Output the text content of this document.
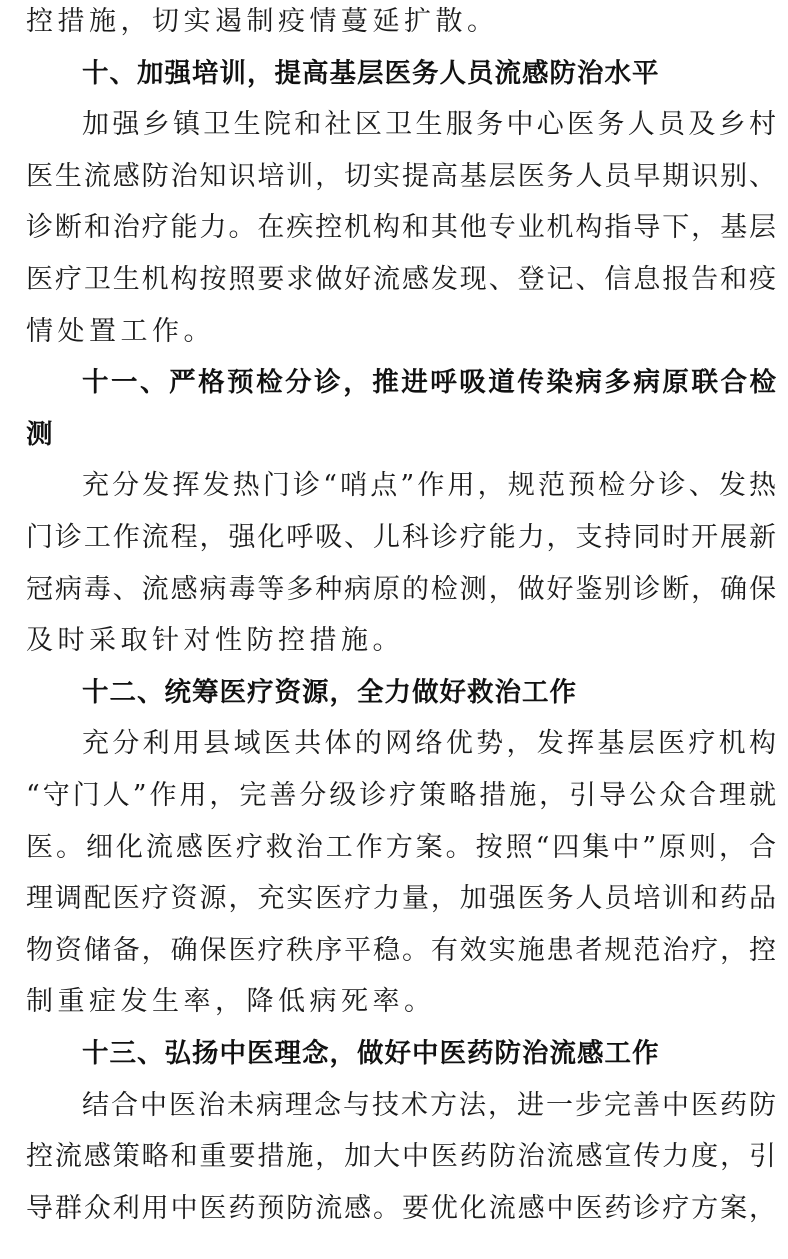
控措施，切实遏制疫情蔓延扩散。
十、加强培训，提高基层医务人员流感防治水平
加强乡镇卫生院和社区卫生服务中心医务人员及乡村
医生流感防治知识培训，切实提高基层医务人员早期识别、
诊断和治疗能力。在疾控机构和其他专业机构指导下，基层
医疗卫生机构按照要求做好流感发现、登记、信息报告和疫
情处置工作。
十一、严格预检分诊，推进呼吸道传染病多病原联合检
测
充分发挥发热门诊“哨点”作用，规范预检分诊、发热
门诊工作流程，强化呼吸、儿科诊疗能力，支持同时开展新
冠病毒、流感病毒等多种病原的检测，做好鉴别诊断，确保
及时采取针对性防控措施。
十二、统筹医疗资源，全力做好救治工作
充分利用县域医共体的网络优势，发挥基层医疗机构
“守门人”作用，完善分级诊疗策略措施，引导公众合理就
医。细化流感医疗救治工作方案。按照“四集中”原则，合
理调配医疗资源，充实医疗力量，加强医务人员培训和药品
物资储备，确保医疗秩序平稳。有效实施患者规范治疗，控
制重症发生率，降低病死率。
十三、弘扬中医理念，做好中医药防治流感工作
结合中医治未病理念与技术方法，进一步完善中医药防
控流感策略和重要措施，加大中医药防治流感宣传力度，引
导群众利用中医药预防流感。要优化流感中医药诊疗方案，
